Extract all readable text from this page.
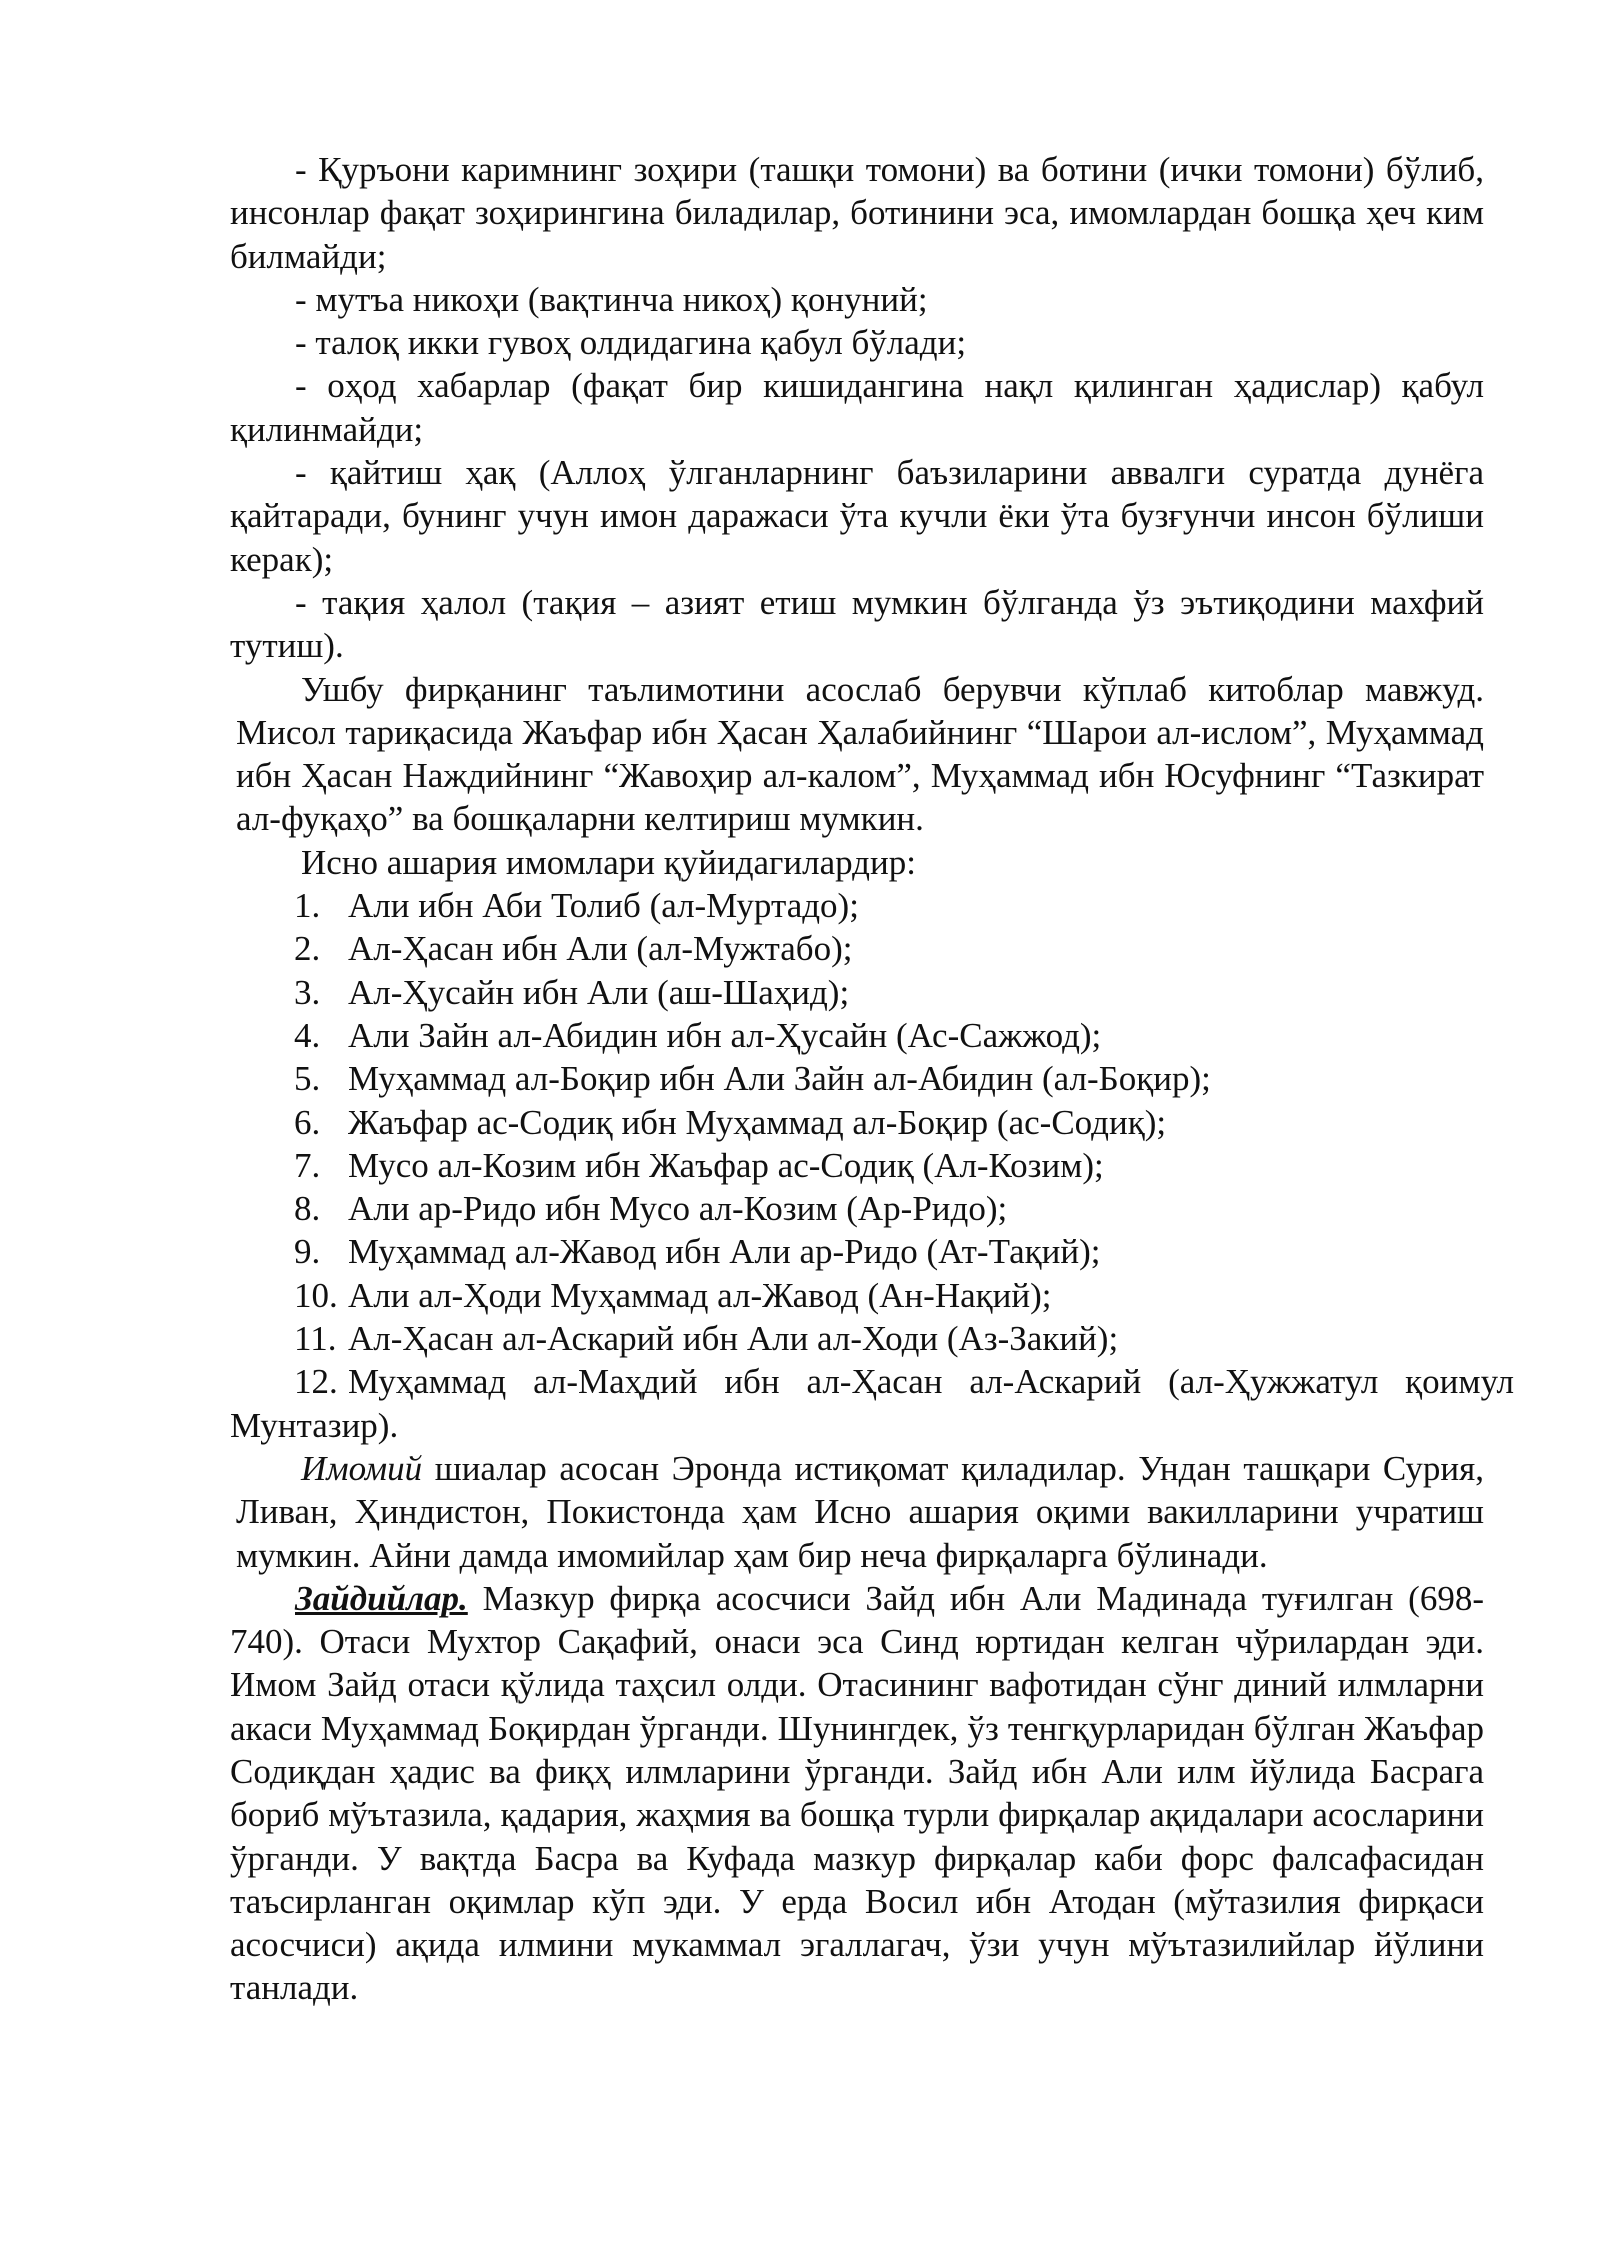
- Қуръони каримнинг зоҳири (ташқи томони) ва ботини (ички томони) бўлиб, инсонлар фақат зоҳирингина биладилар, ботинини эса, имомлардан бошқа ҳеч ким билмайди;

- мутъа никоҳи (вақтинча никоҳ) қонуний;

- талоқ икки гувоҳ олдидагина қабул бўлади;

- оҳод хабарлар (фақат бир кишидангина нақл қилинган ҳадислар) қабул қилинмайди;

- қайтиш ҳақ (Аллоҳ ўлганларнинг баъзиларини аввалги суратда дунёга қайтаради, бунинг учун имон даражаси ўта кучли ёки ўта бузғунчи инсон бўлиши керак);

- тақия ҳалол (тақия – азият етиш мумкин бўлганда ўз эътиқодини махфий тутиш).

Ушбу фирқанинг таълимотини асослаб берувчи кўплаб китоблар мавжуд. Мисол тариқасида Жаъфар ибн Ҳасан Ҳалабийнинг “Шарои ал-ислом”, Муҳаммад ибн Ҳасан Наждийнинг “Жавоҳир ал-калом”, Муҳаммад ибн Юсуфнинг “Тазкират ал-фуқаҳо” ва бошқаларни келтириш мумкин.

Исно ашария имомлари қуйидагилардир:

1. Али ибн Аби Толиб (ал-Муртадо);
2. Ал-Ҳасан ибн Али (ал-Мужтабо);
3. Ал-Ҳусайн ибн Али (аш-Шаҳид);
4. Али Зайн ал-Абидин ибн ал-Ҳусайн (Ас-Сажжод);
5. Муҳаммад ал-Боқир ибн Али Зайн ал-Абидин (ал-Боқир);
6. Жаъфар ас-Содиқ ибн Муҳаммад ал-Боқир (ас-Содиқ);
7. Мусо ал-Козим ибн Жаъфар ас-Содиқ (Ал-Козим);
8. Али ар-Ридо ибн Мусо ал-Козим (Ар-Ридо);
9. Муҳаммад ал-Жавод ибн Али ар-Ридо (Ат-Тақий);
10. Али ал-Ҳоди Муҳаммад ал-Жавод (Ан-Нақий);
11. Ал-Ҳасан ал-Аскарий ибн Али ал-Ходи (Аз-Закий);
12. Муҳаммад ал-Маҳдий ибн ал-Ҳасан ал-Аскарий (ал-Ҳужжатул қоимул

Мунтазир).

Имомий шиалар асосан Эронда истиқомат қиладилар. Ундан ташқари Сурия, Ливан, Ҳиндистон, Покистонда ҳам Исно ашария оқими вакилларини учратиш мумкин. Айни дамда имомийлар ҳам бир неча фирқаларга бўлинади.

Зайдийлар. Мазкур фирқа асосчиси Зайд ибн Али Мадинада туғилган (698-740). Отаси Мухтор Сақафий, онаси эса Синд юртидан келган чўрилардан эди. Имом Зайд отаси қўлида таҳсил олди. Отасининг вафотидан сўнг диний илмларни акаси Муҳаммад Боқирдан ўрганди. Шунингдек, ўз тенгқурларидан бўлган Жаъфар Содиқдан ҳадис ва фиқҳ илмларини ўрганди. Зайд ибн Али илм йўлида Басрага бориб мўътазила, қадария, жаҳмия ва бошқа турли фирқалар ақидалари асосларини ўрганди. У вақтда Басра ва Куфада мазкур фирқалар каби форс фалсафасидан таъсирланган оқимлар кўп эди. У ерда Восил ибн Атодан (мўтазилия фирқаси асосчиси) ақида илмини мукаммал эгаллагач, ўзи учун мўътазилийлар йўлини танлади.
